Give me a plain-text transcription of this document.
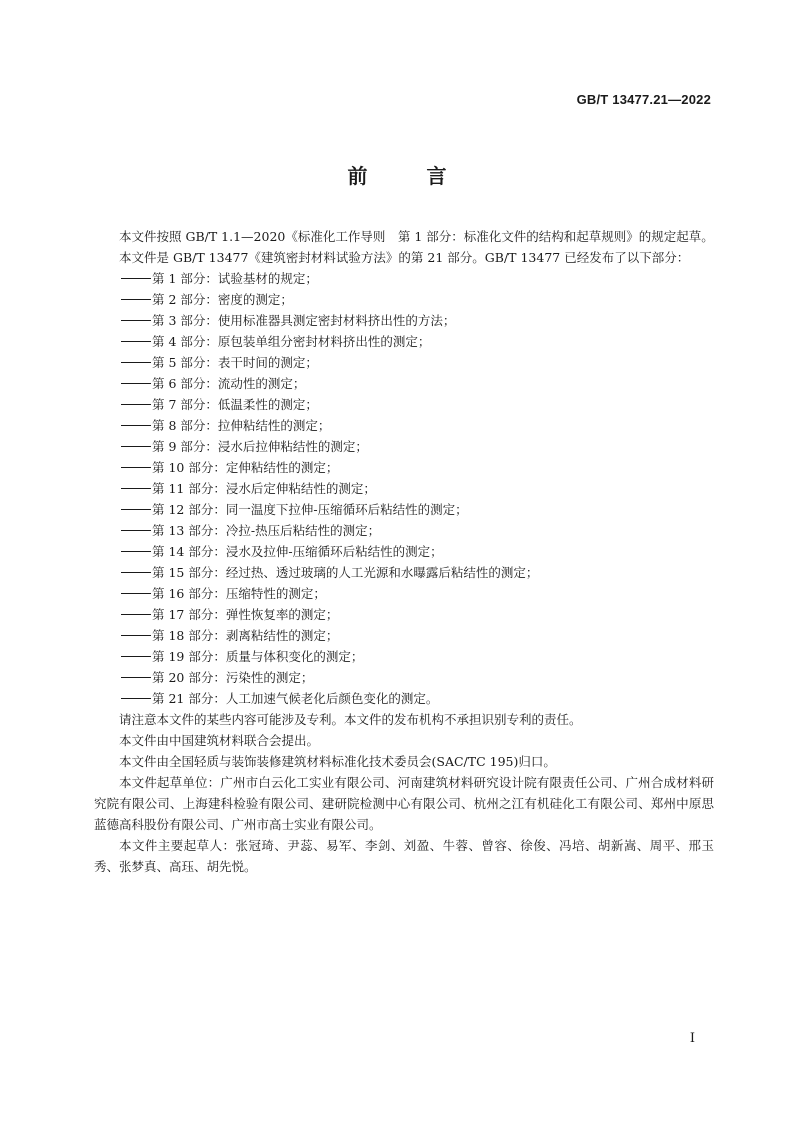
GB/T 13477.21—2022
前 言

本文件按照 GB/T 1.1—2020《标准化工作导则　第 1 部分：标准化文件的结构和起草规则》的规定起草。

本文件是 GB/T 13477《建筑密封材料试验方法》的第 21 部分。GB/T 13477 已经发布了以下部分：

第 1 部分：试验基材的规定；

第 2 部分：密度的测定；

第 3 部分：使用标准器具测定密封材料挤出性的方法；

第 4 部分：原包装单组分密封材料挤出性的测定；

第 5 部分：表干时间的测定；

第 6 部分：流动性的测定；

第 7 部分：低温柔性的测定；

第 8 部分：拉伸粘结性的测定；

第 9 部分：浸水后拉伸粘结性的测定；

第 10 部分：定伸粘结性的测定；

第 11 部分：浸水后定伸粘结性的测定；

第 12 部分：同一温度下拉伸-压缩循环后粘结性的测定；

第 13 部分：冷拉-热压后粘结性的测定；

第 14 部分：浸水及拉伸-压缩循环后粘结性的测定；

第 15 部分：经过热、透过玻璃的人工光源和水曝露后粘结性的测定；

第 16 部分：压缩特性的测定；

第 17 部分：弹性恢复率的测定；

第 18 部分：剥离粘结性的测定；

第 19 部分：质量与体积变化的测定；

第 20 部分：污染性的测定；

第 21 部分：人工加速气候老化后颜色变化的测定。

请注意本文件的某些内容可能涉及专利。本文件的发布机构不承担识别专利的责任。

本文件由中国建筑材料联合会提出。

本文件由全国轻质与装饰装修建筑材料标准化技术委员会(SAC/TC 195)归口。

本文件起草单位：广州市白云化工实业有限公司、河南建筑材料研究设计院有限责任公司、广州合成材料研究院有限公司、上海建科检验有限公司、建研院检测中心有限公司、杭州之江有机硅化工有限公司、郑州中原思蓝德高科股份有限公司、广州市高士实业有限公司。

本文件主要起草人：张冠琦、尹蕊、易军、李剑、刘盈、牛蓉、曾容、徐俊、冯培、胡新嵩、周平、邢玉秀、张梦真、高珏、胡先悦。

I
